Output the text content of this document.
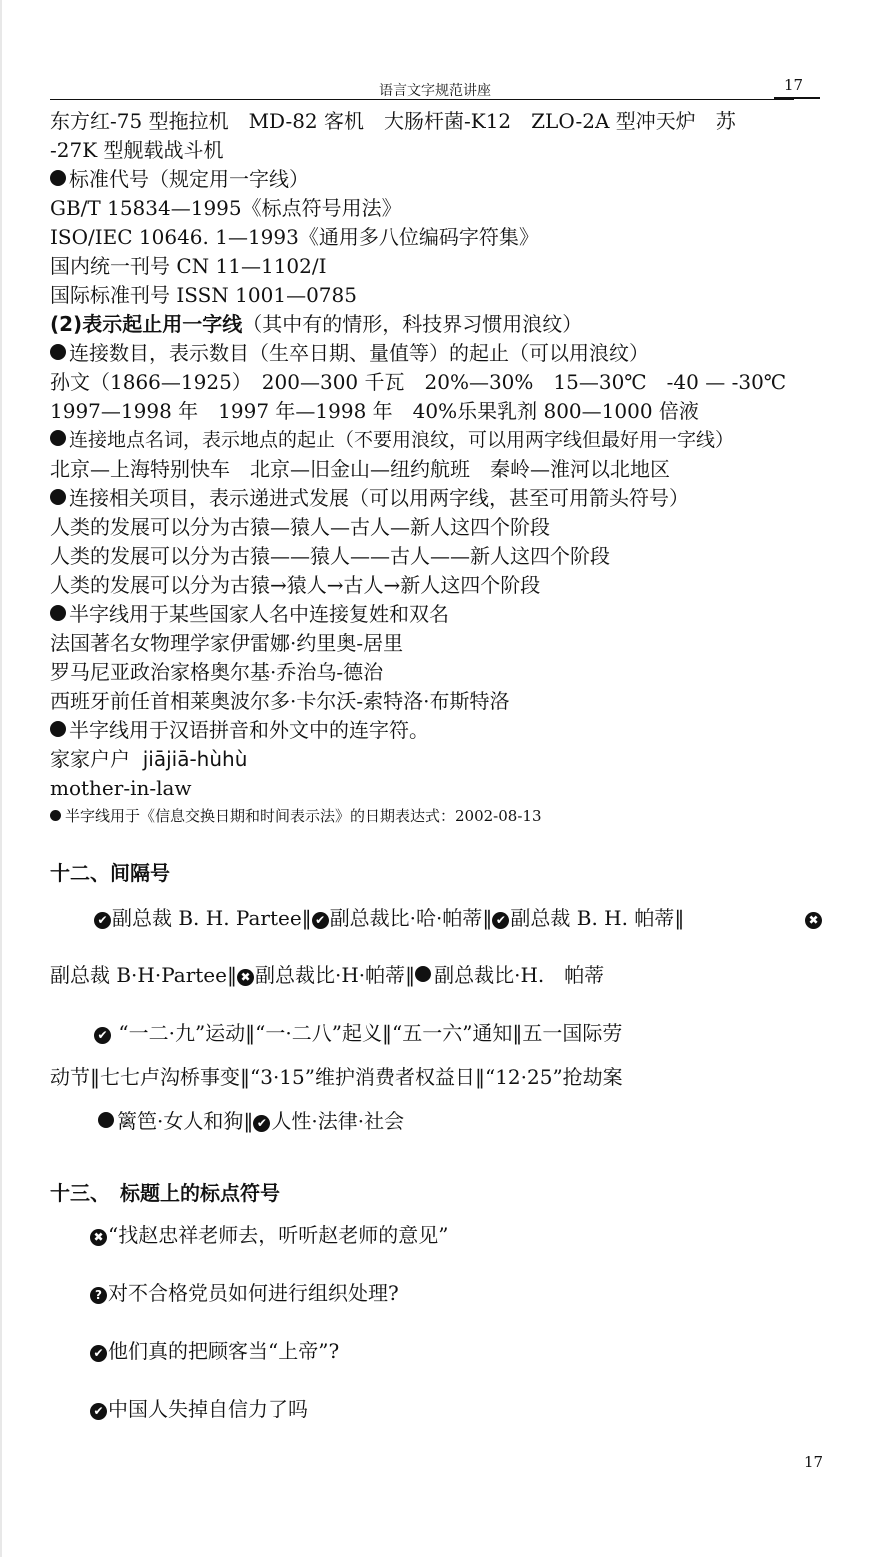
语言文字规范讲座	17
东方红-75 型拖拉机　MD-82 客机　大肠杆菌-K12　ZLO-2A 型冲天炉　苏
-27K 型舰载战斗机
标准代号（规定用一字线）
GB/T 15834—1995《标点符号用法》
ISO/IEC 10646. 1—1993《通用多八位编码字符集》
国内统一刊号 CN 11—1102/I
国际标准刊号 ISSN 1001—0785
(2)表示起止用一字线（其中有的情形，科技界习惯用浪纹）
连接数目，表示数目（生卒日期、量值等）的起止（可以用浪纹）
孙文（1866—1925）　200—300 千瓦　20%—30%　15—30℃　-40 — -30℃
1997—1998 年　1997 年—1998 年　40%乐果乳剂 800—1000 倍液
连接地点名词，表示地点的起止（不要用浪纹，可以用两字线但最好用一字线）
北京—上海特别快车　北京—旧金山—纽约航班　秦岭—淮河以北地区
连接相关项目，表示递进式发展（可以用两字线，甚至可用箭头符号）
人类的发展可以分为古猿—猿人—古人—新人这四个阶段
人类的发展可以分为古猿——猿人——古人——新人这四个阶段
人类的发展可以分为古猿→猿人→古人→新人这四个阶段
半字线用于某些国家人名中连接复姓和双名
法国著名女物理学家伊雷娜·约里奥-居里
罗马尼亚政治家格奥尔基·乔治乌-德治
西班牙前任首相莱奥波尔多·卡尔沃-索特洛·布斯特洛
半字线用于汉语拼音和外文中的连字符。
家家户户 jiājiā-hùhù
mother-in-law
半字线用于《信息交换日期和时间表示法》的日期表达式：2002-08-13
十二、间隔号
✔ 副总裁 B. H. Partee‖ ✔ 副总裁比·哈·帕蒂‖ ✔ 副总裁 B. H. 帕蒂‖	✖
副总裁 B·H·Partee‖ ✖ 副总裁比·H·帕蒂‖ 副总裁比·H.　帕蒂
✔ “一二·九”运动‖“一·二八”起义‖“五一六”通知‖五一国际劳
动节‖七七卢沟桥事变‖“3·15”维护消费者权益日‖“12·25”抢劫案
篱笆·女人和狗‖ ✔ 人性·法律·社会
十三、　标题上的标点符号
✖ “找赵忠祥老师去，听听赵老师的意见”
? 对不合格党员如何进行组织处理?
✔ 他们真的把顾客当“上帝”?
✔ 中国人失掉自信力了吗
17
